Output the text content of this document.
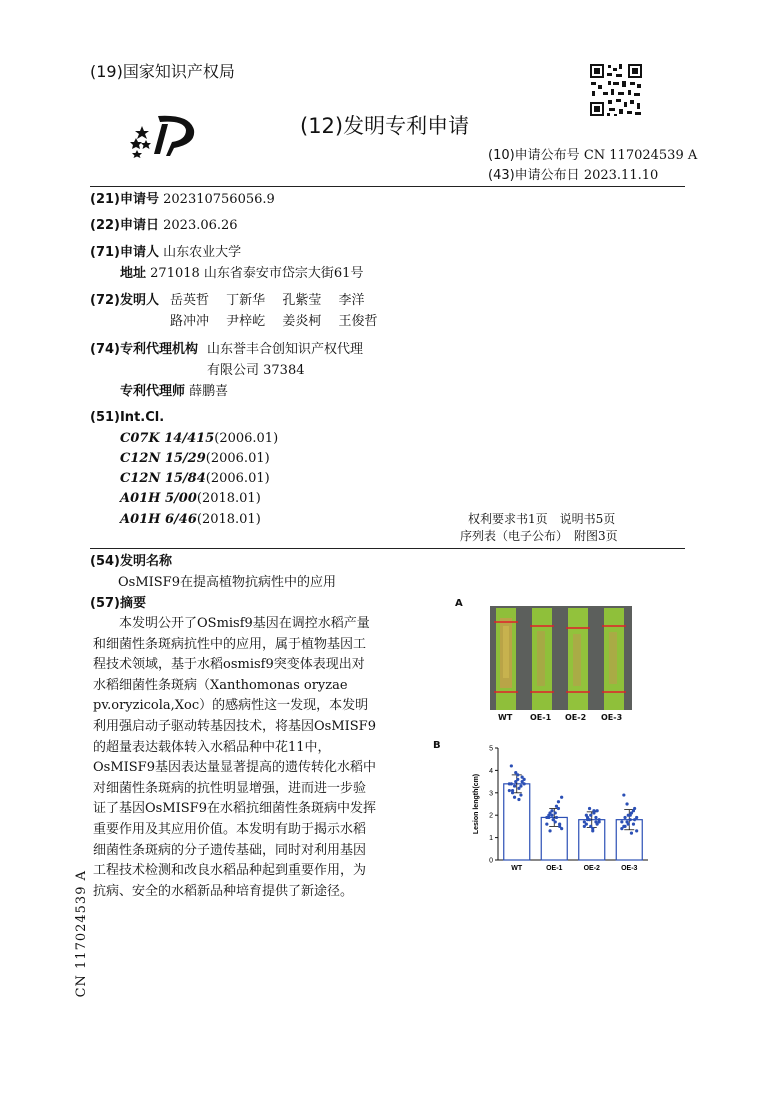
(19)国家知识产权局
(12)发明专利申请
(10)申请公布号 CN 117024539 A
(43)申请公布日 2023.11.10
(21)申请号 202310756056.9
(22)申请日 2023.06.26
(71)申请人 山东农业大学
地址 271018 山东省泰安市岱宗大街61号
(72)发明人 岳英哲　 丁新华　 孔紫莹　 李洋
路冲冲　 尹梓屹　 姜炎柯　 王俊哲
(74)专利代理机构 山东誉丰合创知识产权代理
有限公司 37384
专利代理师 薛鹏喜
(51)Int.Cl.
C07K 14/415(2006.01)
C12N 15/29(2006.01)
C12N 15/84(2006.01)
A01H 5/00(2018.01)
A01H 6/46(2018.01)	权利要求书1页　说明书5页
序列表（电子公布）　附图3页
(54)发明名称
OsMISF9在提高植物抗病性中的应用
(57)摘要

　　本发明公开了OSmisf9基因在调控水稻产量

和细菌性条斑病抗性中的应用，属于植物基因工

程技术领域，基于水稻osmisf9突变体表现出对

水稻细菌性条斑病（Xanthomonas oryzae

pv.oryzicola,Xoc）的感病性这一发现，本发明

利用强启动子驱动转基因技术，将基因OsMISF9

的超量表达载体转入水稻品种中花11中，

OsMISF9基因表达量显著提高的遗传转化水稻中

对细菌性条斑病的抗性明显增强，进而进一步验

证了基因OsMISF9在水稻抗细菌性条斑病中发挥

重要作用及其应用价值。本发明有助于揭示水稻

细菌性条斑病的分子遗传基础，同时对利用基因

工程技术检测和改良水稻品种起到重要作用，为

抗病、安全的水稻新品种培育提供了新途径。

CN 117024539 A
A
WT OE-1 OE-2 OE-3
B
0
1
2
3
4
5
Lesion length(cm)
WT	OE-1	OE-2	OE-3
